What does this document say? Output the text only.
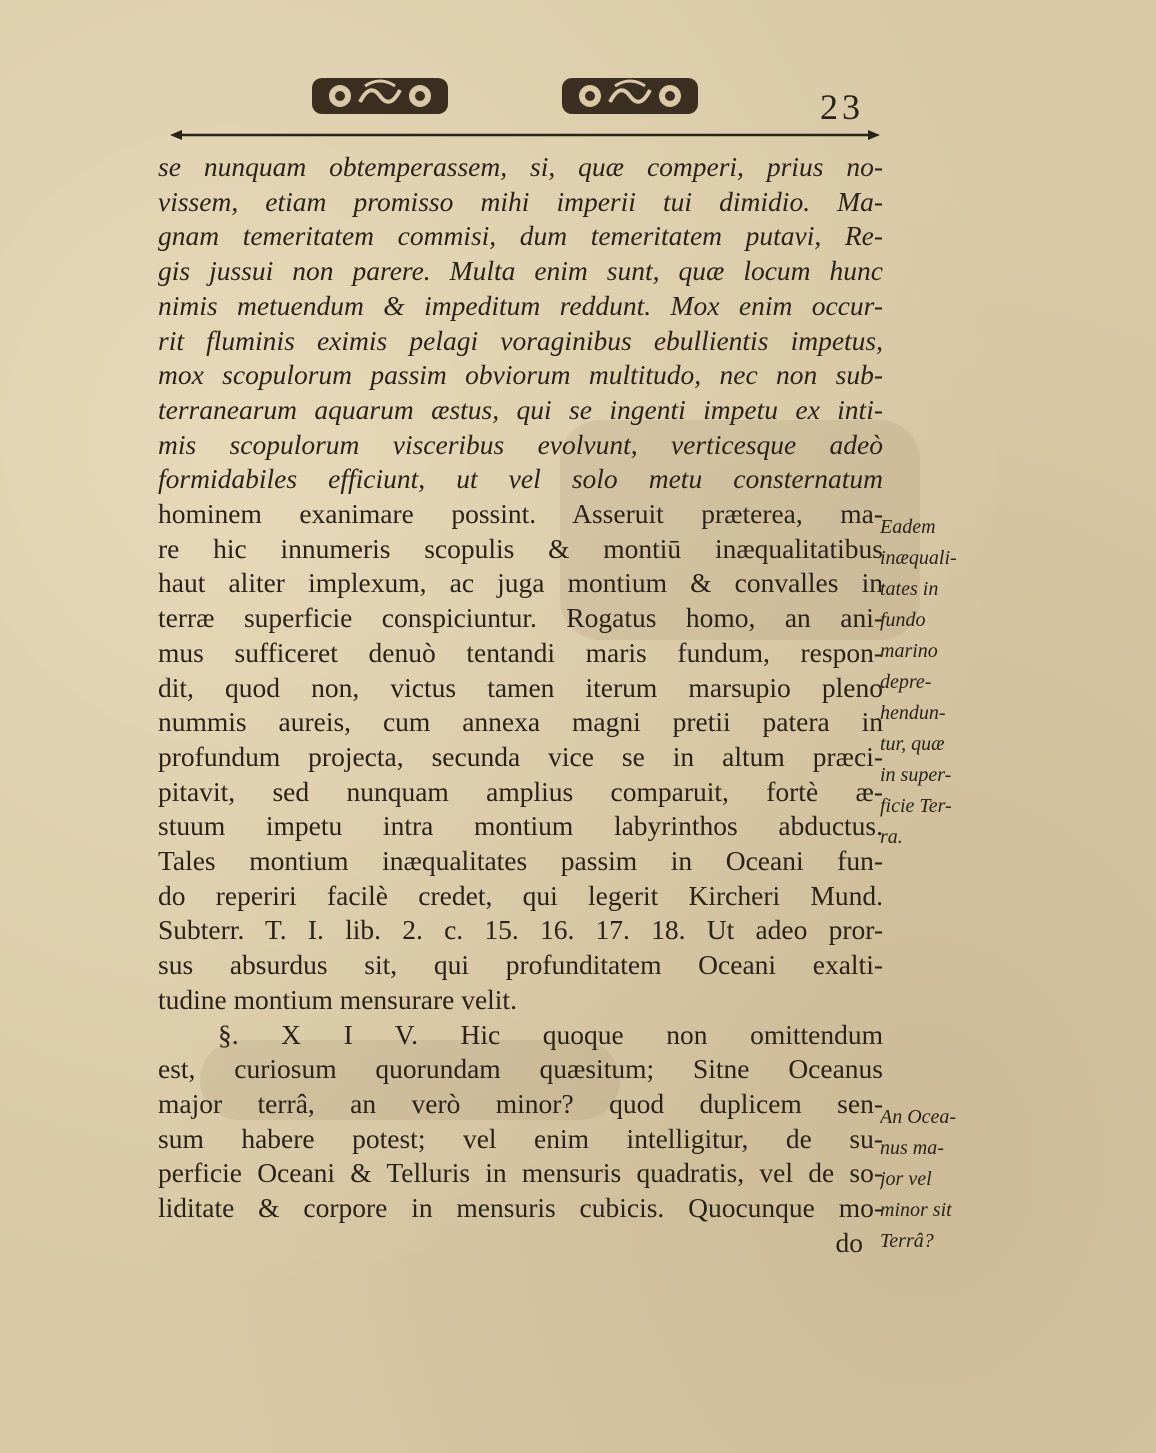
23
se nunquam obtemperassem, si, quæ comperi, prius no-
vissem, etiam promisso mihi imperii tui dimidio. Ma-
gnam temeritatem commisi, dum temeritatem putavi, Re-
gis jussui non parere. Multa enim sunt, quæ locum hunc
nimis metuendum & impeditum reddunt. Mox enim occur-
rit fluminis eximis pelagi voraginibus ebullientis impetus,
mox scopulorum passim obviorum multitudo, nec non sub-
terranearum aquarum æstus, qui se ingenti impetu ex inti-
mis scopulorum visceribus evolvunt, verticesque adeò
formidabiles efficiunt, ut vel solo metu consternatum
hominem exanimare possint. Asseruit præterea, ma-
re hic innumeris scopulis & montiū inæqualitatibus
haut aliter implexum, ac juga montium & convalles in
terræ superficie conspiciuntur. Rogatus homo, an ani-
mus sufficeret denuò tentandi maris fundum, respon-
dit, quod non, victus tamen iterum marsupio pleno
nummis aureis, cum annexa magni pretii patera in
profundum projecta, secunda vice se in altum præci-
pitavit, sed nunquam amplius comparuit, fortè æ-
stuum impetu intra montium labyrinthos abductus.
Tales montium inæqualitates passim in Oceani fun-
do reperiri facilè credet, qui legerit Kircheri Mund.
Subterr. T. I. lib. 2. c. 15. 16. 17. 18. Ut adeo pror-
sus absurdus sit, qui profunditatem Oceani exalti-
tudine montium mensurare velit.
§. X I V. Hic quoque non omittendum
est, curiosum quorundam quæsitum; Sitne Oceanus
major terrâ, an verò minor? quod duplicem sen-
sum habere potest; vel enim intelligitur, de su-
perficie Oceani & Telluris in mensuris quadratis, vel de so-
liditate & corpore in mensuris cubicis. Quocunque mo-
do
Eadem
inæquali-
tates in
fundo
marino
depre-
hendun-
tur, quæ
in super-
ficie Ter-
ra.
An Ocea-
nus ma-
jor vel
minor sit
Terrâ?
